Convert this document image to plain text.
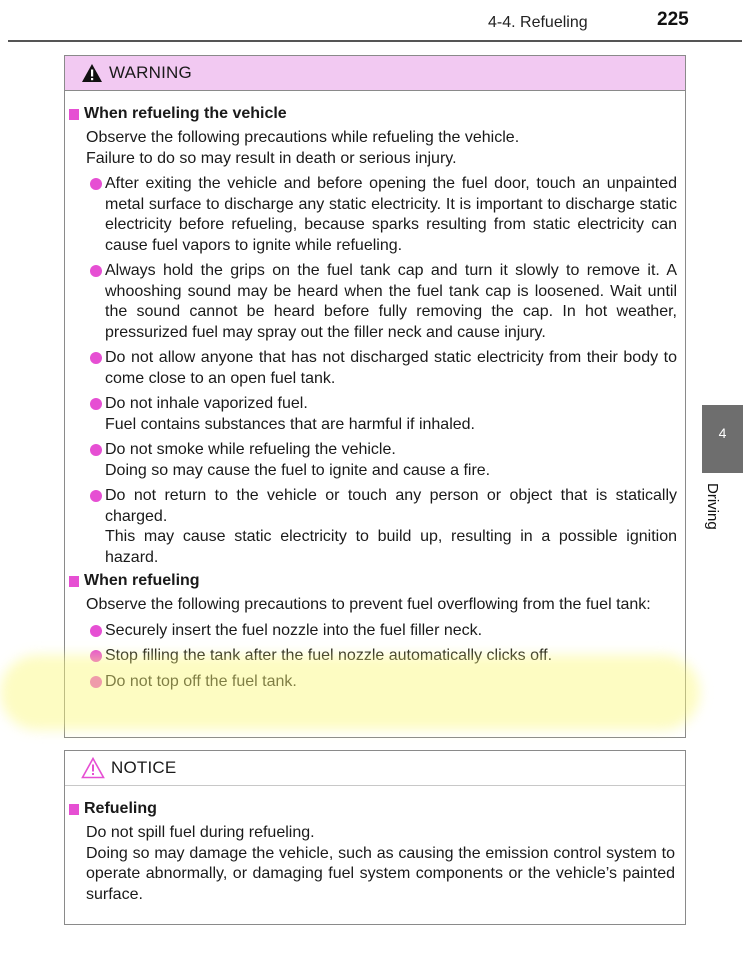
4-4. Refueling	225
4
Driving
WARNING
When refueling the vehicle
Observe the following precautions while refueling the vehicle.
Failure to do so may result in death or serious injury.
After exiting the vehicle and before opening the fuel door, touch an unpainted metal surface to discharge any static electricity. It is important to discharge static electricity before refueling, because sparks resulting from static electricity can cause fuel vapors to ignite while refueling.
Always hold the grips on the fuel tank cap and turn it slowly to remove it. A whooshing sound may be heard when the fuel tank cap is loosened. Wait until the sound cannot be heard before fully removing the cap. In hot weather, pressurized fuel may spray out the filler neck and cause injury.
Do not allow anyone that has not discharged static electricity from their body to come close to an open fuel tank.
Do not inhale vaporized fuel.
Fuel contains substances that are harmful if inhaled.
Do not smoke while refueling the vehicle.
Doing so may cause the fuel to ignite and cause a fire.
Do not return to the vehicle or touch any person or object that is statically charged.
This may cause static electricity to build up, resulting in a possible ignition hazard.
When refueling
Observe the following precautions to prevent fuel overflowing from the fuel tank:
Securely insert the fuel nozzle into the fuel filler neck.
Stop filling the tank after the fuel nozzle automatically clicks off.
Do not top off the fuel tank.
NOTICE
Refueling
Do not spill fuel during refueling.
Doing so may damage the vehicle, such as causing the emission control system to operate abnormally, or damaging fuel system components or the vehicle’s painted surface.
